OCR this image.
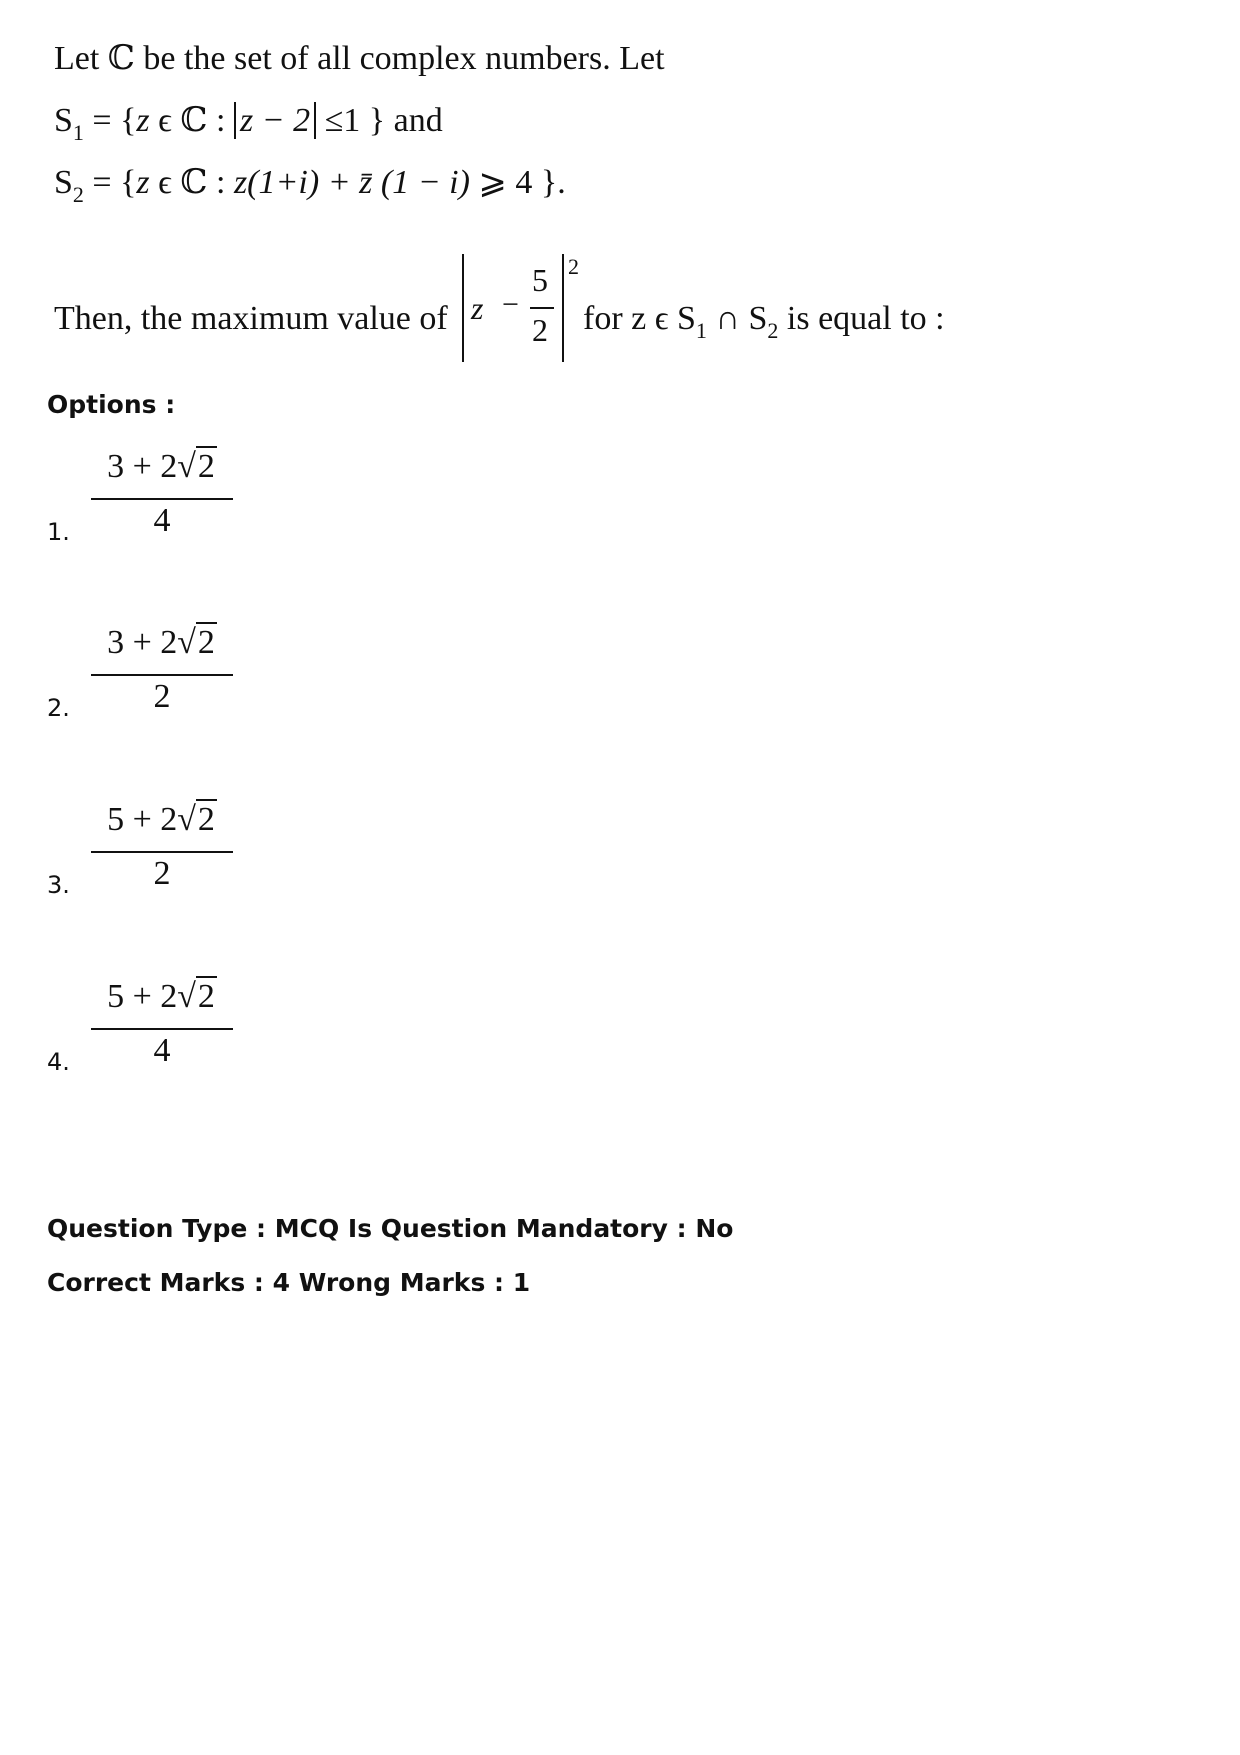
Let ℂ be the set of all complex numbers. Let
$S_1 = \{z$ ϵ ℂ : z − 2 ≤1 } and
$S_2 = \{z$ ϵ ℂ : z(1+i) + z̄ (1 − i) ⩾ 4 }.
Then, the maximum value of z −
5
2
2
for z ϵ $S_1$ ∩ $S_2$ is equal to :
Options :
1.
3 + 2√2
4
2.
3 + 2√2
2
3.
5 + 2√2
2
4.
5 + 2√2
4
Question Type : MCQ Is Question Mandatory : No
Correct Marks : 4 Wrong Marks : 1
